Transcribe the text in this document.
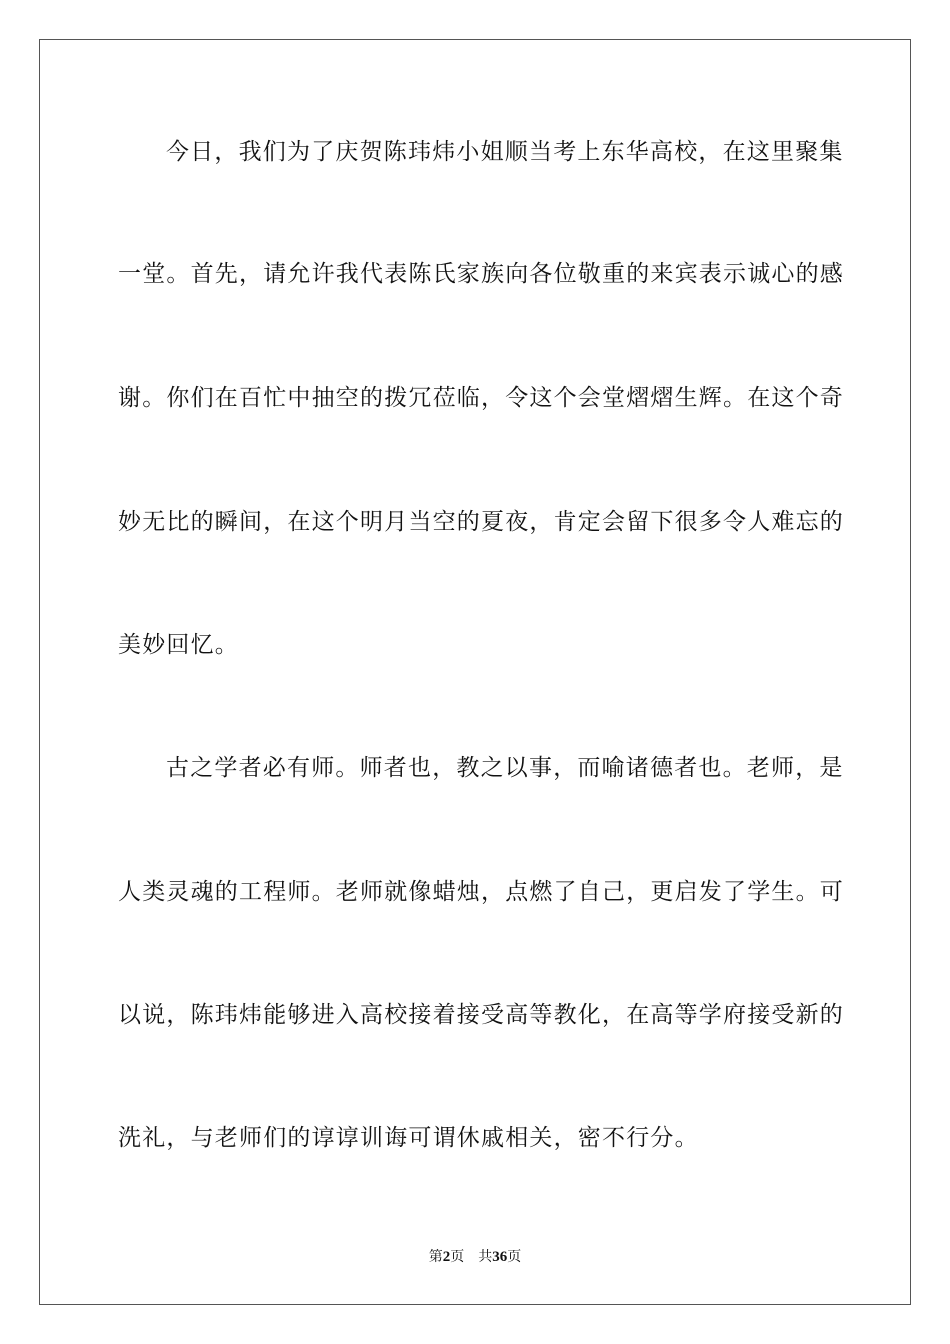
今日，我们为了庆贺陈玮炜小姐顺当考上东华高校，在这里聚集
一堂。首先，请允许我代表陈氏家族向各位敬重的来宾表示诚心的感
谢。你们在百忙中抽空的拨冗莅临，令这个会堂熠熠生辉。在这个奇
妙无比的瞬间，在这个明月当空的夏夜，肯定会留下很多令人难忘的
美妙回忆。
古之学者必有师。师者也，教之以事，而喻诸德者也。老师，是
人类灵魂的工程师。老师就像蜡烛，点燃了自己，更启发了学生。可
以说，陈玮炜能够进入高校接着接受高等教化，在高等学府接受新的
洗礼，与老师们的谆谆训诲可谓休戚相关，密不行分。
第2页 共36页
